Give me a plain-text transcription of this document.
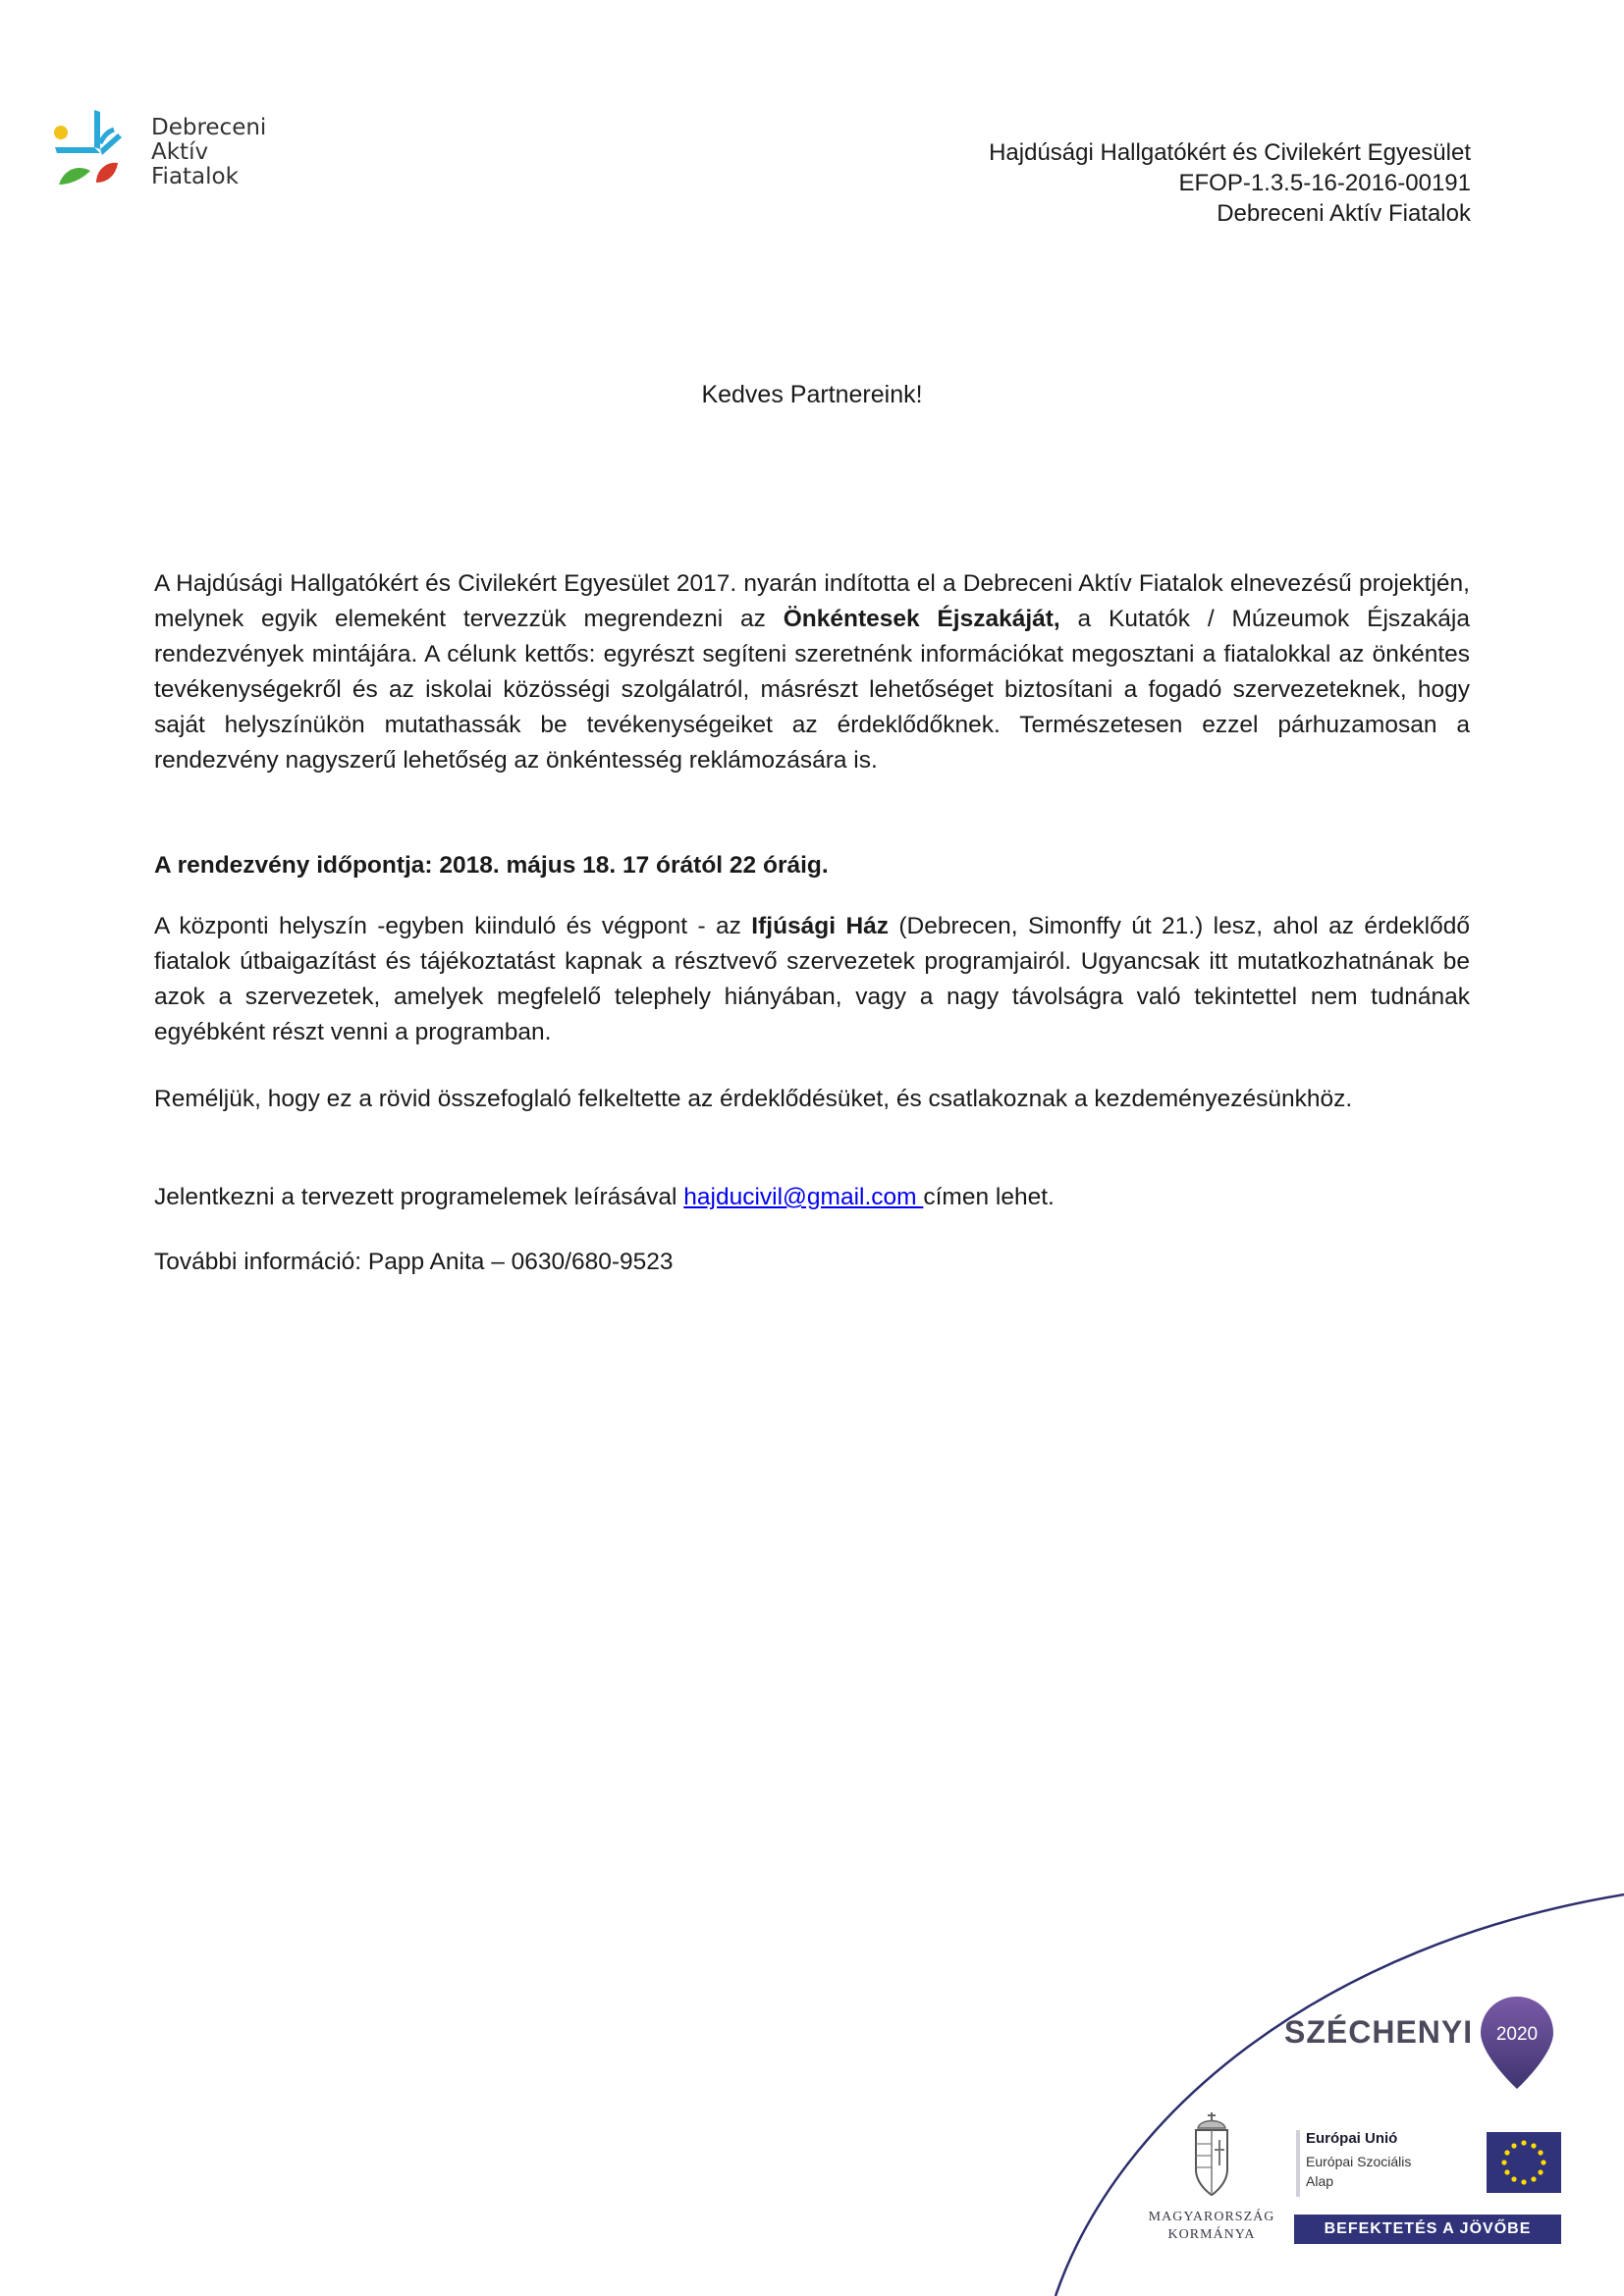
Debreceni
Aktív
Fiatalok
Hajdúsági Hallgatókért és Civilekért Egyesület
EFOP-1.3.5-16-2016-00191
Debreceni Aktív Fiatalok
Kedves Partnereink!
A Hajdúsági Hallgatókért és Civilekért Egyesület 2017. nyarán indította el a Debreceni Aktív Fiatalok elnevezésű projektjén, melynek egyik elemeként tervezzük megrendezni az Önkéntesek Éjszakáját, a Kutatók / Múzeumok Éjszakája rendezvények mintájára. A célunk kettős: egyrészt segíteni szeretnénk információkat megosztani a fiatalokkal az önkéntes tevékenységekről és az iskolai közösségi szolgálatról, másrészt lehetőséget biztosítani a fogadó szervezeteknek, hogy saját helyszínükön mutathassák be tevékenységeiket az érdeklődőknek. Természetesen ezzel párhuzamosan a rendezvény nagyszerű lehetőség az önkéntesség reklámozására is.
A rendezvény időpontja: 2018. május 18. 17 órától 22 óráig.
A központi helyszín -egyben kiinduló és végpont - az Ifjúsági Ház (Debrecen, Simonffy út 21.) lesz, ahol az érdeklődő fiatalok útbaigazítást és tájékoztatást kapnak a résztvevő szervezetek programjairól. Ugyancsak itt mutatkozhatnának be azok a szervezetek, amelyek megfelelő telephely hiányában, vagy a nagy távolságra való tekintettel nem tudnának egyébként részt venni a programban.
Reméljük, hogy ez a rövid összefoglaló felkeltette az érdeklődésüket, és csatlakoznak a kezdeményezésünkhöz.
Jelentkezni a tervezett programelemek leírásával hajducivil@gmail.com címen lehet.
További információ: Papp Anita – 0630/680-9523
SZÉCHENYI 2020
MAGYARORSZÁG
KORMÁNYA
Európai Unió
Európai Szociális
Alap
BEFEKTETÉS A JÖVŐBE
